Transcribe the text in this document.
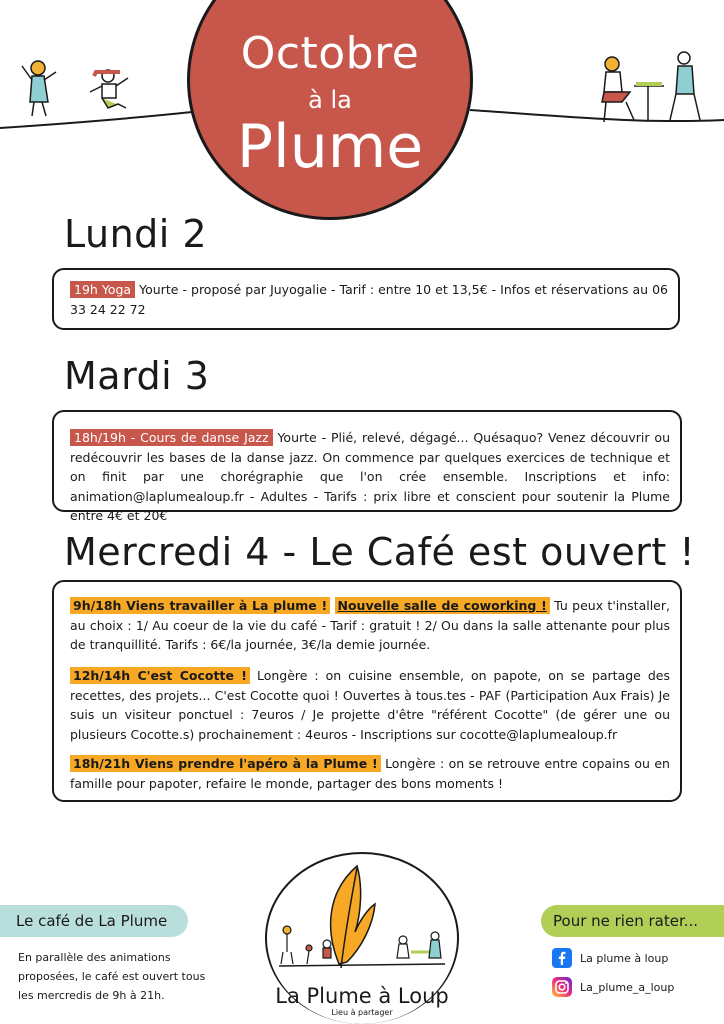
Octobre
à la
Plume
Lundi 2
19h Yoga Yourte - proposé par Juyogalie - Tarif : entre 10 et 13,5€ - Infos et réservations au 06 33 24 22 72
Mardi 3
18h/19h - Cours de danse Jazz Yourte - Plié, relevé, dégagé... Quésaquo? Venez découvrir ou redécouvrir les bases de la danse jazz. On commence par quelques exercices de technique et on finit par une chorégraphie que l'on crée ensemble. Inscriptions et info: animation@laplumealoup.fr - Adultes - Tarifs : prix libre et conscient pour soutenir la Plume entre 4€ et 20€
Mercredi 4 - Le Café est ouvert !
9h/18h Viens travailler à La plume ! Nouvelle salle de coworking ! Tu peux t'installer, au choix : 1/ Au coeur de la vie du café - Tarif : gratuit ! 2/ Ou dans la salle attenante pour plus de tranquillité. Tarifs : 6€/la journée, 3€/la demie journée.
12h/14h C'est Cocotte ! Longère : on cuisine ensemble, on papote, on se partage des recettes, des projets... C'est Cocotte quoi ! Ouvertes à tous.tes - PAF (Participation Aux Frais) Je suis un visiteur ponctuel : 7euros / Je projette d'être "référent Cocotte" (de gérer une ou plusieurs Cocotte.s) prochainement : 4euros - Inscriptions sur cocotte@laplumealoup.fr
18h/21h Viens prendre l'apéro à la Plume ! Longère : on se retrouve entre copains ou en famille pour papoter, refaire le monde, partager des bons moments !
Le café de La Plume
En parallèle des animations proposées, le café est ouvert tous les mercredis de 9h à 21h.	La Plume à Loup
Lieu à partager
Pour ne rien rater...
La plume à loup
La_plume_a_loup
